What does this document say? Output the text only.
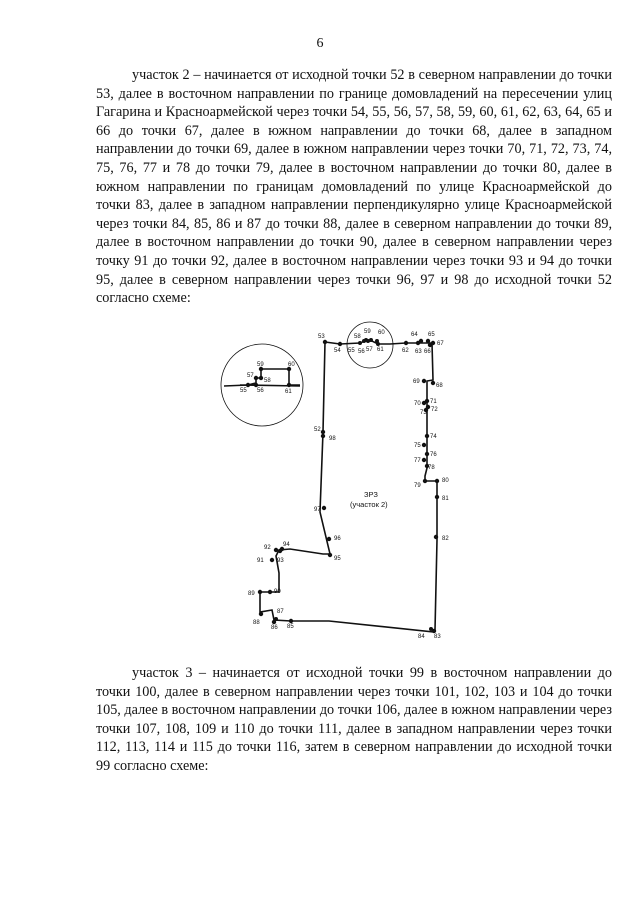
6

участок 2 – начинается от исходной точки 52 в северном направлении до точки 53, далее в восточном направлении по границе домовладений на пересечении улиц Гагарина и Красноармейской через точки 54, 55, 56, 57, 58, 59, 60, 61, 62, 63, 64, 65 и 66 до точки 67, далее в южном направлении до точки 68, далее в западном направлении до точки 69, далее в южном направлении через точки 70, 71, 72, 73, 74, 75, 76, 77 и 78 до точки 79, далее в восточном направлении до точки 80, далее в южном направлении по границам домовладений по улице Красноармейской до точки 83, далее в западном направлении перпендикулярно улице Красноармейской через точки 84, 85, 86 и 87 до точки 88, далее в северном направлении до точки 89, далее в восточном направлении до точки 90, далее в северном направлении через точку 91 до точки 92, далее в восточном направлении через точки 93 и 94 до точки 95, далее в северном направлении через точки 96, 97 и 98 до исходной точки 52 согласно схеме:

52
53
54 55 56 57
58
59 60
61	62 63
64 65
66
67
68
69
70 71
72
73
74
75
76
77
78
79
80
81
82
83
84
85
86
87
88
89	90
91
92
93
94
95
96
97
98
55 56
57
58
59	60
61
ЗРЗ
(участок 2)

участок 3 – начинается от исходной точки 99 в восточном направлении до точки 100, далее в северном направлении через точки 101, 102, 103 и 104 до точки 105, далее в восточном направлении до точки 106, далее в южном направлении через точки 107, 108, 109 и 110 до точки 111, далее в западном направлении через точки 112, 113, 114 и 115 до точки 116, затем в северном направлении до исходной точки 99 согласно схеме:
